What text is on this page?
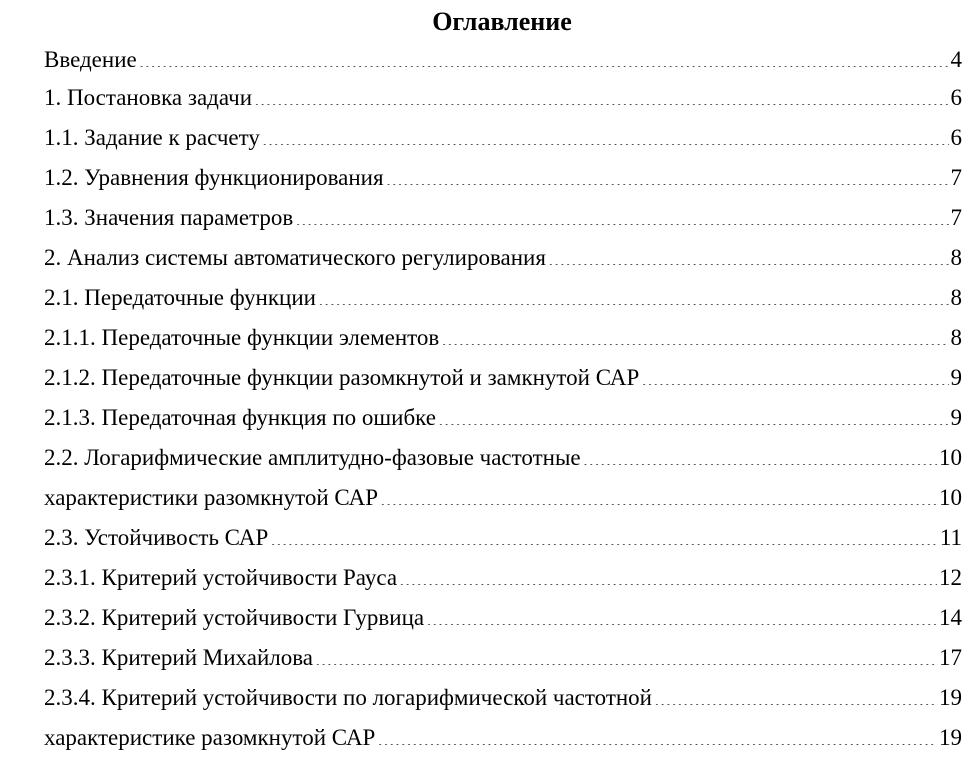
Оглавление
Введение .....	4
1. Постановка задачи .....	6
1.1. Задание к расчету .....	6
1.2. Уравнения функционирования .....	7
1.3. Значения параметров .....	7
2. Анализ системы автоматического регулирования .....	8
2.1. Передаточные функции .....	8
2.1.1. Передаточные функции элементов .....	8
2.1.2. Передаточные функции разомкнутой и замкнутой САР .....	9
2.1.3. Передаточная функция по ошибке .....	9
2.2. Логарифмические амплитудно-фазовые частотные .....	10
характеристики разомкнутой САР .....	10
2.3. Устойчивость САР .....	11
2.3.1. Критерий устойчивости Рауса .....	12
2.3.2. Критерий устойчивости Гурвица .....	14
2.3.3. Критерий Михайлова .....	17
2.3.4. Критерий устойчивости по логарифмической частотной .....	19
характеристике разомкнутой САР .....	19
